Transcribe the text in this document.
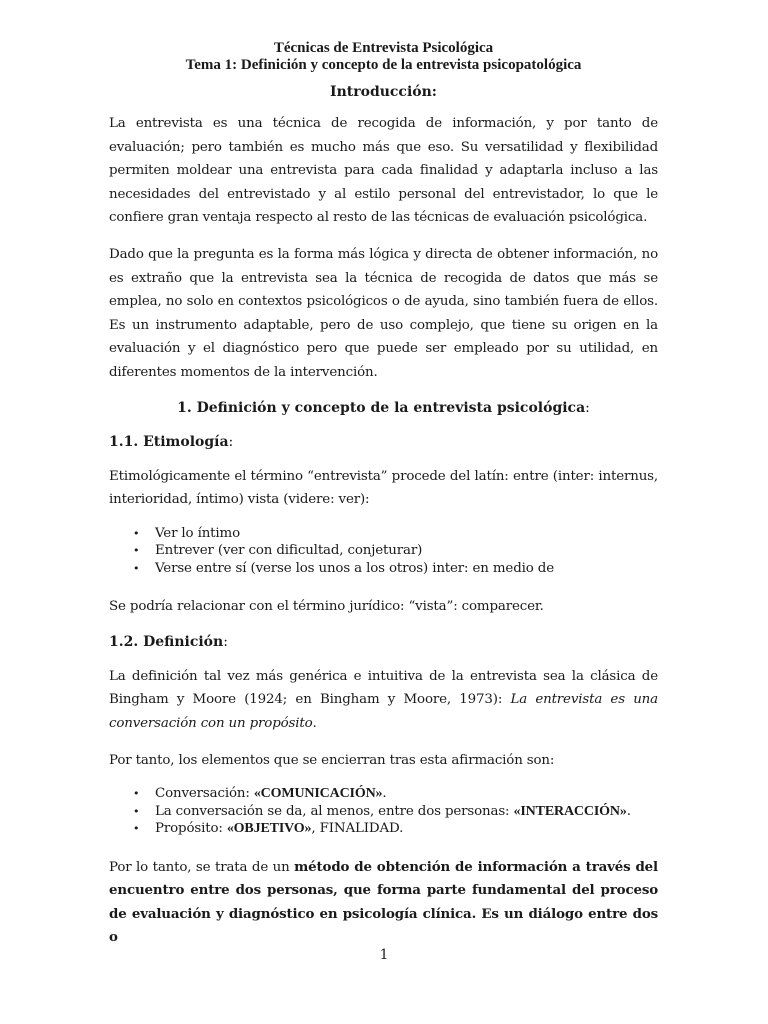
Técnicas de Entrevista Psicológica
Tema 1: Definición y concepto de la entrevista psicopatológica
Introducción:

La entrevista es una técnica de recogida de información, y por tanto de evaluación; pero también es mucho más que eso. Su versatilidad y flexibilidad permiten moldear una entrevista para cada finalidad y adaptarla incluso a las necesidades del entrevistado y al estilo personal del entrevistador, lo que le confiere gran ventaja respecto al resto de las técnicas de evaluación psicológica.

Dado que la pregunta es la forma más lógica y directa de obtener información, no es extraño que la entrevista sea la técnica de recogida de datos que más se emplea, no solo en contextos psicológicos o de ayuda, sino también fuera de ellos. Es un instrumento adaptable, pero de uso complejo, que tiene su origen en la evaluación y el diagnóstico pero que puede ser empleado por su utilidad, en diferentes momentos de la intervención.

1. Definición y concepto de la entrevista psicológica:
1.1. Etimología:

Etimológicamente el término “entrevista” procede del latín: entre (inter: internus, interioridad, íntimo) vista (videre: ver):

• Ver lo íntimo
• Entrever (ver con dificultad, conjeturar)
• Verse entre sí (verse los unos a los otros) inter: en medio de

Se podría relacionar con el término jurídico: “vista”: comparecer.

1.2. Definición:

La definición tal vez más genérica e intuitiva de la entrevista sea la clásica de Bingham y Moore (1924; en Bingham y Moore, 1973): La entrevista es una conversación con un propósito.

Por tanto, los elementos que se encierran tras esta afirmación son:

• Conversación: «COMUNICACIÓN».
• La conversación se da, al menos, entre dos personas: «INTERACCIÓN».
• Propósito: «OBJETIVO», FINALIDAD.

Por lo tanto, se trata de un método de obtención de información a través del encuentro entre dos personas, que forma parte fundamental del proceso de evaluación y diagnóstico en psicología clínica. Es un diálogo entre dos o

1
